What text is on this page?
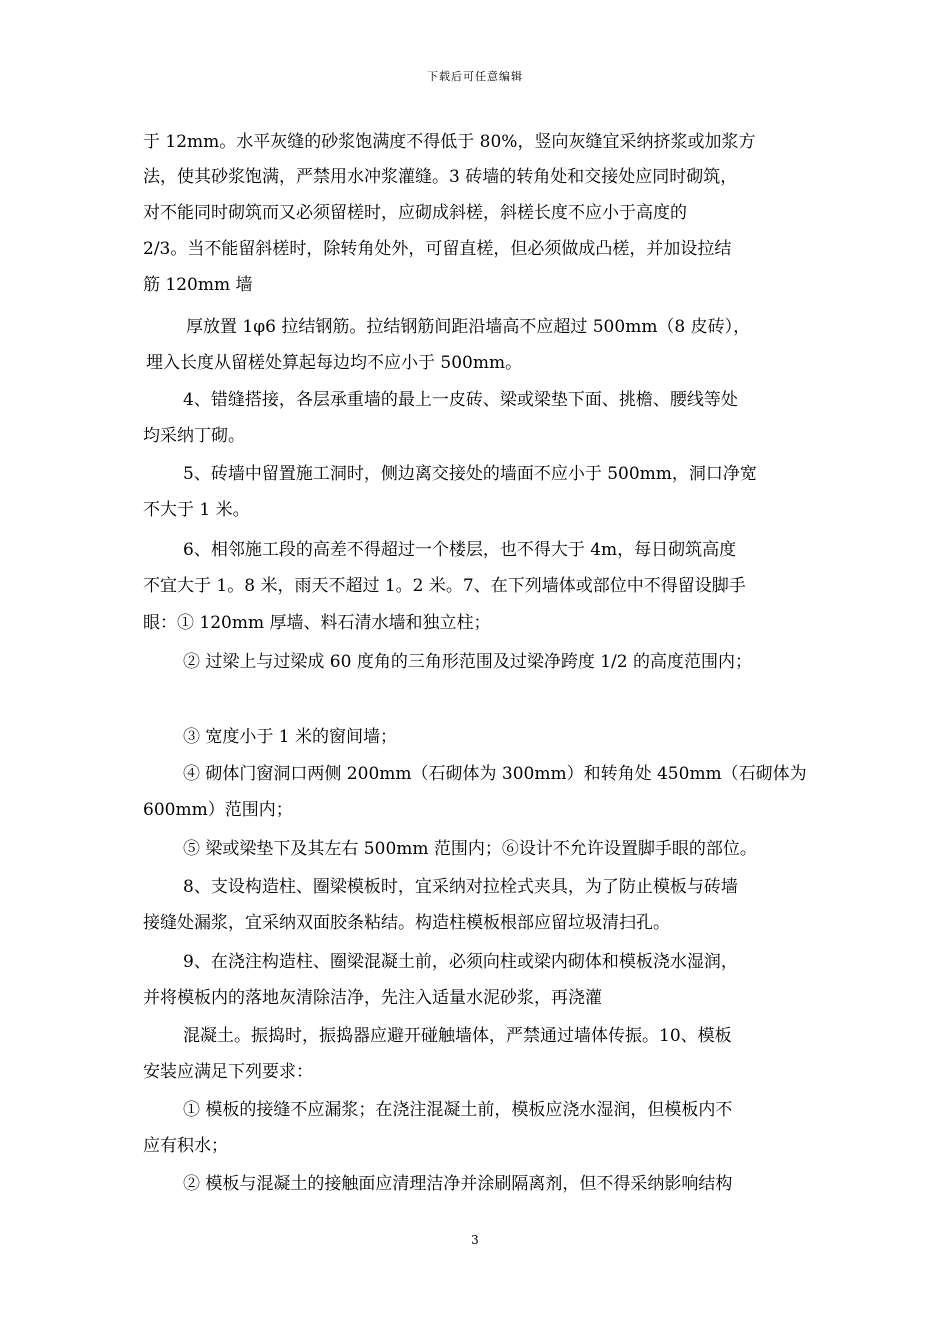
下载后可任意编辑
于 12mm。水平灰缝的砂浆饱满度不得低于 80%，竖向灰缝宜采纳挤浆或加浆方
法，使其砂浆饱满，严禁用水冲浆灌缝。3 砖墙的转角处和交接处应同时砌筑，
对不能同时砌筑而又必须留槎时，应砌成斜槎，斜槎长度不应小于高度的
2/3。当不能留斜槎时，除转角处外，可留直槎，但必须做成凸槎，并加设拉结
筋 120mm 墙
厚放置 1φ6 拉结钢筋。拉结钢筋间距沿墙高不应超过 500mm（8 皮砖），
埋入长度从留槎处算起每边均不应小于 500mm。
4、错缝搭接，各层承重墙的最上一皮砖、梁或梁垫下面、挑檐、腰线等处
均采纳丁砌。
5、砖墙中留置施工洞时，侧边离交接处的墙面不应小于 500mm，洞口净宽
不大于 1 米。
6、相邻施工段的高差不得超过一个楼层，也不得大于 4m，每日砌筑高度
不宜大于 1。8 米，雨天不超过 1。2 米。7、在下列墙体或部位中不得留设脚手
眼：① 120mm 厚墙、料石清水墙和独立柱；
② 过梁上与过梁成 60 度角的三角形范围及过梁净跨度 1/2 的高度范围内；
③ 宽度小于 1 米的窗间墙；
④ 砌体门窗洞口两侧 200mm（石砌体为 300mm）和转角处 450mm（石砌体为
600mm）范围内；
⑤ 梁或梁垫下及其左右 500mm 范围内；⑥设计不允许设置脚手眼的部位。
8、支设构造柱、圈梁模板时，宜采纳对拉栓式夹具，为了防止模板与砖墙
接缝处漏浆，宜采纳双面胶条粘结。构造柱模板根部应留垃圾清扫孔。
9、在浇注构造柱、圈梁混凝土前，必须向柱或梁内砌体和模板浇水湿润，
并将模板内的落地灰清除洁净，先注入适量水泥砂浆，再浇灌
混凝土。振捣时，振捣器应避开碰触墙体，严禁通过墙体传振。10、模板
安装应满足下列要求：
① 模板的接缝不应漏浆；在浇注混凝土前，模板应浇水湿润，但模板内不
应有积水；
② 模板与混凝土的接触面应清理洁净并涂刷隔离剂，但不得采纳影响结构
3
